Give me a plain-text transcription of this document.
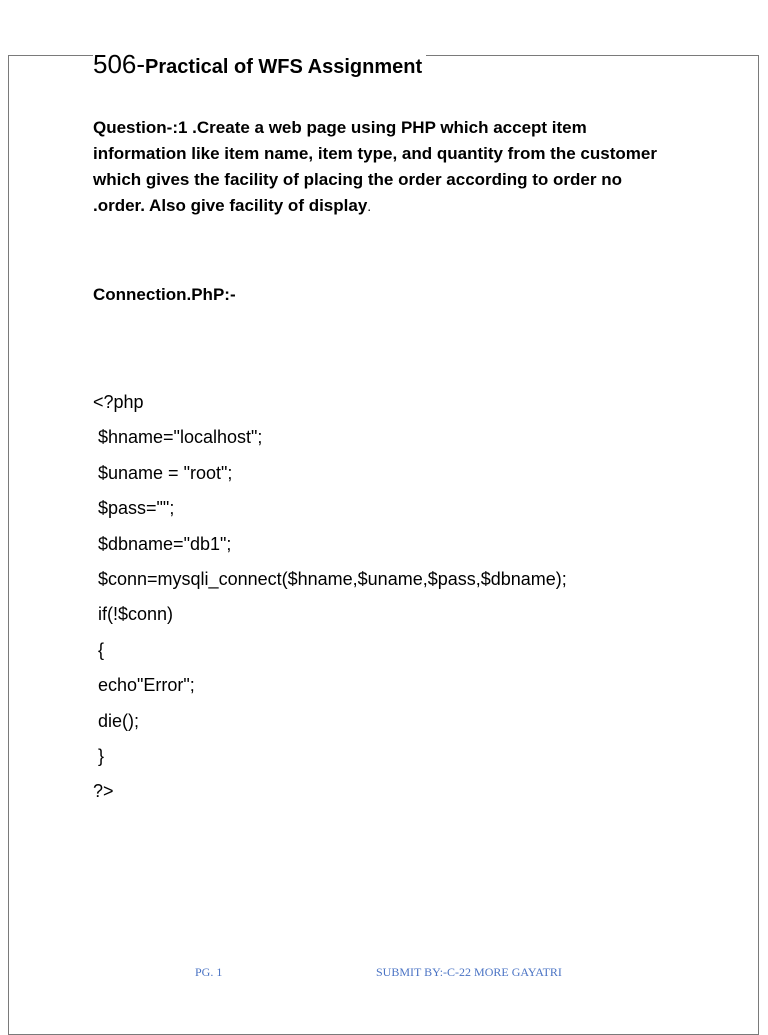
506-Practical of WFS Assignment

Question-:1 .Create a web page using PHP which accept item information like item name, item type, and quantity from the customer which gives the facility of placing the order according to order no .order. Also give facility of display.

Connection.PhP:-
<?php
$hname="localhost";
$uname = "root";
$pass="";
$dbname="db1";
$conn=mysqli_connect($hname,$uname,$pass,$dbname);
if(!$conn)
{
echo"Error";
die();
}
?>
PG. 1	SUBMIT BY:-C-22 MORE GAYATRI
